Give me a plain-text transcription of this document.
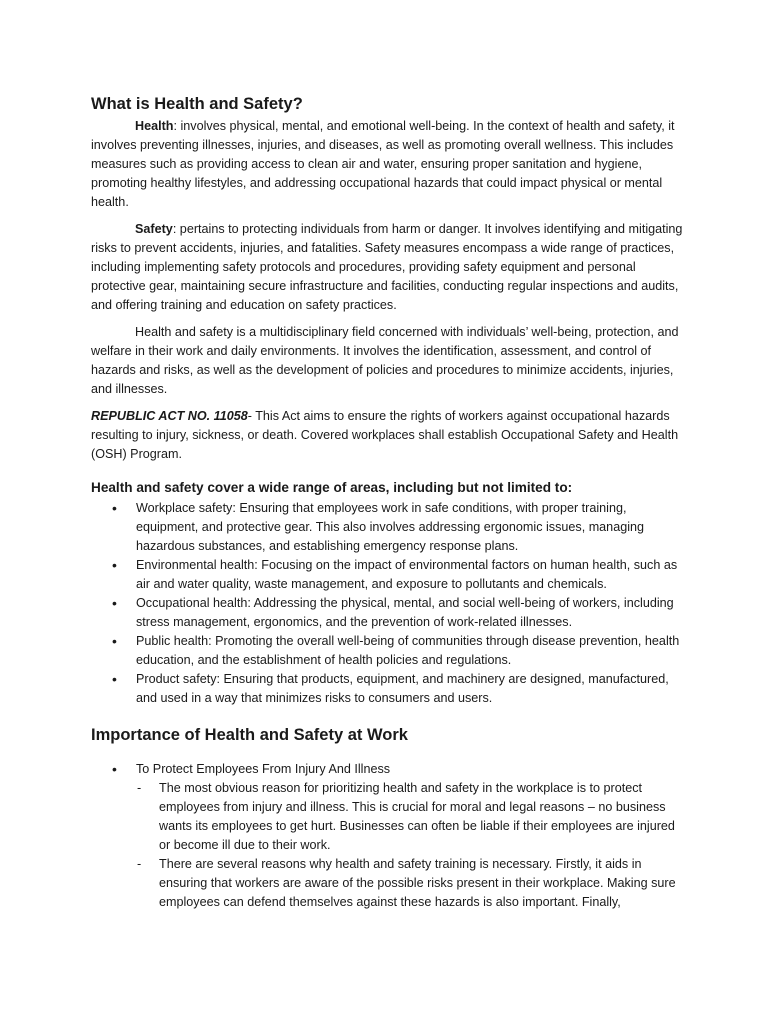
What is Health and Safety?

Health: involves physical, mental, and emotional well-being. In the context of health and safety, it involves preventing illnesses, injuries, and diseases, as well as promoting overall wellness. This includes measures such as providing access to clean air and water, ensuring proper sanitation and hygiene, promoting healthy lifestyles, and addressing occupational hazards that could impact physical or mental health.

Safety: pertains to protecting individuals from harm or danger. It involves identifying and mitigating risks to prevent accidents, injuries, and fatalities. Safety measures encompass a wide range of practices, including implementing safety protocols and procedures, providing safety equipment and personal protective gear, maintaining secure infrastructure and facilities, conducting regular inspections and audits, and offering training and education on safety practices.

Health and safety is a multidisciplinary field concerned with individuals’ well-being, protection, and welfare in their work and daily environments. It involves the identification, assessment, and control of hazards and risks, as well as the development of policies and procedures to minimize accidents, injuries, and illnesses.

REPUBLIC ACT NO. 11058- This Act aims to ensure the rights of workers against occupational hazards resulting to injury, sickness, or death. Covered workplaces shall establish Occupational Safety and Health (OSH) Program.

Health and safety cover a wide range of areas, including but not limited to:
• Workplace safety: Ensuring that employees work in safe conditions, with proper training, equipment, and protective gear. This also involves addressing ergonomic issues, managing hazardous substances, and establishing emergency response plans.
• Environmental health: Focusing on the impact of environmental factors on human health, such as air and water quality, waste management, and exposure to pollutants and chemicals.
• Occupational health: Addressing the physical, mental, and social well-being of workers, including stress management, ergonomics, and the prevention of work-related illnesses.
• Public health: Promoting the overall well-being of communities through disease prevention, health education, and the establishment of health policies and regulations.
• Product safety: Ensuring that products, equipment, and machinery are designed, manufactured, and used in a way that minimizes risks to consumers and users.
Importance of Health and Safety at Work
• To Protect Employees From Injury And Illness
- The most obvious reason for prioritizing health and safety in the workplace is to protect employees from injury and illness. This is crucial for moral and legal reasons – no business wants its employees to get hurt. Businesses can often be liable if their employees are injured or become ill due to their work.
- There are several reasons why health and safety training is necessary. Firstly, it aids in ensuring that workers are aware of the possible risks present in their workplace. Making sure employees can defend themselves against these hazards is also important. Finally,
